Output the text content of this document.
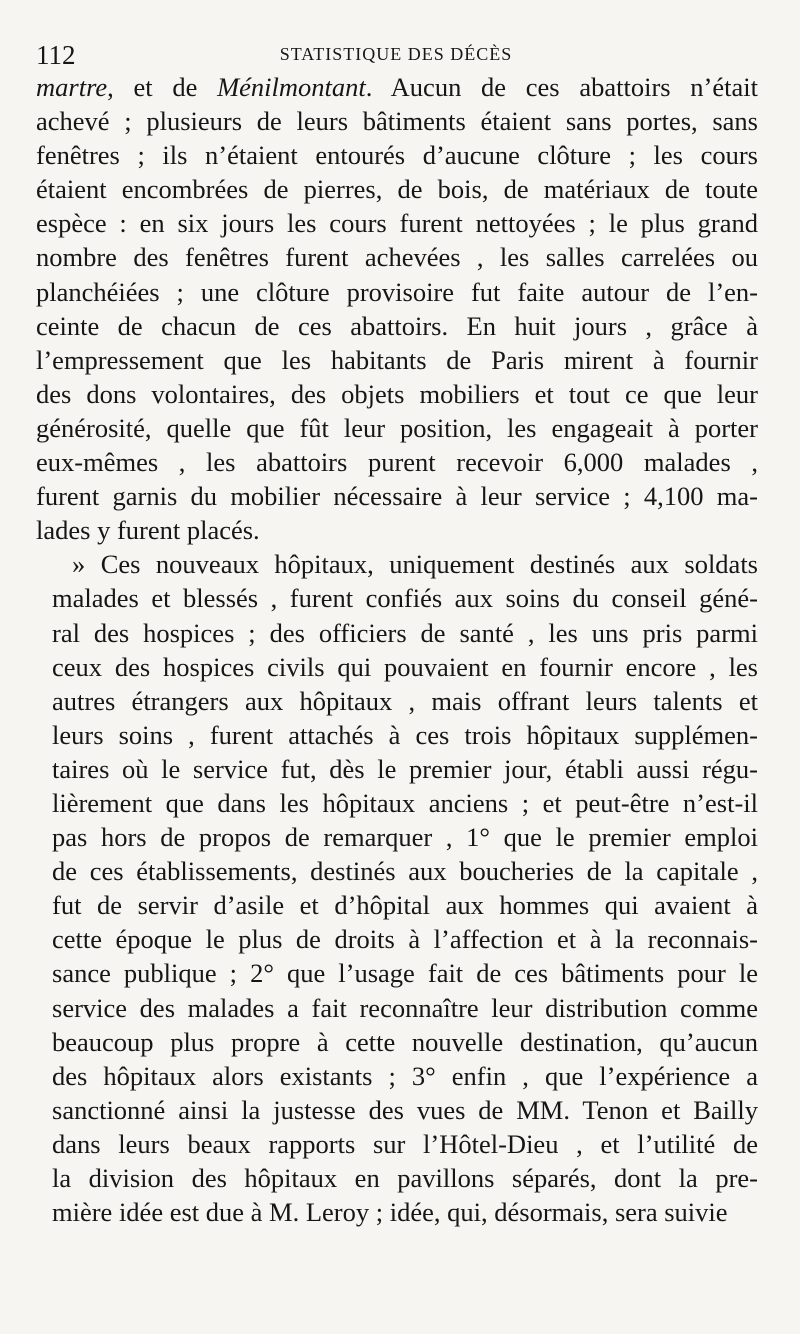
112	STATISTIQUE DES DÉCÈS
martre, et de Ménilmontant. Aucun de ces abattoirs n’était
achevé ; plusieurs de leurs bâtiments étaient sans portes, sans
fenêtres ; ils n’étaient entourés d’aucune clôture ; les cours
étaient encombrées de pierres, de bois, de matériaux de toute
espèce : en six jours les cours furent nettoyées ; le plus grand
nombre des fenêtres furent achevées , les salles carrelées ou
planchéiées ; une clôture provisoire fut faite autour de l’en-
ceinte de chacun de ces abattoirs. En huit jours , grâce à
l’empressement que les habitants de Paris mirent à fournir
des dons volontaires, des objets mobiliers et tout ce que leur
générosité, quelle que fût leur position, les engageait à porter
eux-mêmes , les abattoirs purent recevoir 6,000 malades ,
furent garnis du mobilier nécessaire à leur service ; 4,100 ma-
lades y furent placés.
» Ces nouveaux hôpitaux, uniquement destinés aux soldats
malades et blessés , furent confiés aux soins du conseil géné-
ral des hospices ; des officiers de santé , les uns pris parmi
ceux des hospices civils qui pouvaient en fournir encore , les
autres étrangers aux hôpitaux , mais offrant leurs talents et
leurs soins , furent attachés à ces trois hôpitaux supplémen-
taires où le service fut, dès le premier jour, établi aussi régu-
lièrement que dans les hôpitaux anciens ; et peut-être n’est-il
pas hors de propos de remarquer , 1° que le premier emploi
de ces établissements, destinés aux boucheries de la capitale ,
fut de servir d’asile et d’hôpital aux hommes qui avaient à
cette époque le plus de droits à l’affection et à la reconnais-
sance publique ; 2° que l’usage fait de ces bâtiments pour le
service des malades a fait reconnaître leur distribution comme
beaucoup plus propre à cette nouvelle destination, qu’aucun
des hôpitaux alors existants ; 3° enfin , que l’expérience a
sanctionné ainsi la justesse des vues de MM. Tenon et Bailly
dans leurs beaux rapports sur l’Hôtel-Dieu , et l’utilité de
la division des hôpitaux en pavillons séparés, dont la pre-
mière idée est due à M. Leroy ; idée, qui, désormais, sera suivie
